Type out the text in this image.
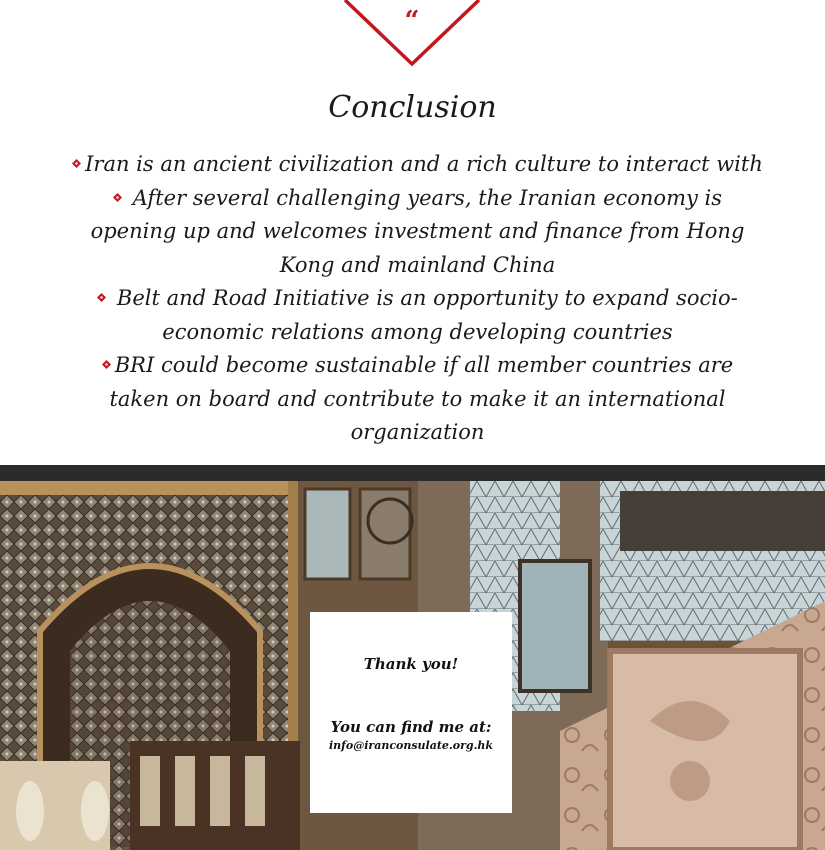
“
Conclusion
Iran is an ancient civilization and a rich culture to interact with
After several challenging years, the Iranian economy is opening up and welcomes investment and finance from Hong Kong and mainland China
Belt and Road Initiative is an opportunity to expand socio-economic relations among developing countries
BRI could become sustainable if all member countries are taken on board and contribute to make it an international organization
Thank you!
You can find me at:
info@iranconsulate.org.hk
